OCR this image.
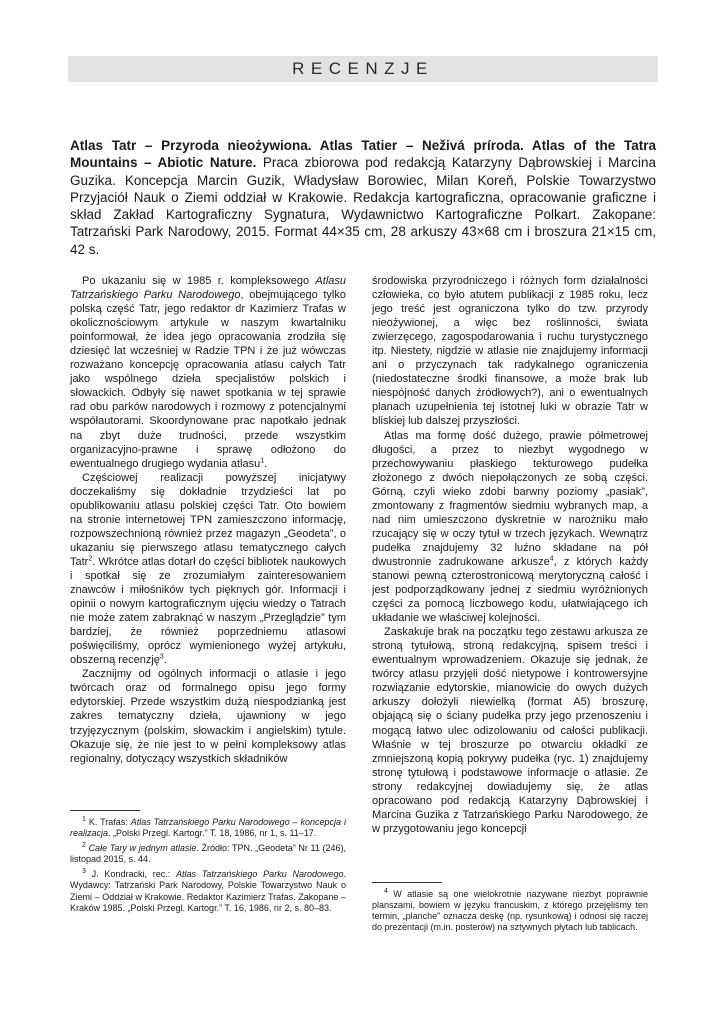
RECENZJE
Atlas Tatr – Przyroda nieożywiona. Atlas Tatier – Neživá príroda. Atlas of the Tatra Mountains – Abiotic Nature. Praca zbiorowa pod redakcją Katarzyny Dąbrowskiej i Marcina Guzika. Koncepcja Marcin Guzik, Władysław Borowiec, Milan Koreň, Polskie Towarzystwo Przyjaciół Nauk o Ziemi oddział w Krakowie. Redakcja kartograficzna, opracowanie graficzne i skład Zakład Kartograficzny Sygnatura, Wydawnictwo Kartograficzne Polkart. Zakopane: Tatrzański Park Narodowy, 2015. Format 44×35 cm, 28 arkuszy 43×68 cm i broszura 21×15 cm, 42 s.

Po ukazaniu się w 1985 r. kompleksowego Atlasu Tatrzańskiego Parku Narodowego, obejmującego tylko polską część Tatr, jego redaktor dr Kazimierz Trafas w okolicznościowym artykule w naszym kwartalniku poinformował, że idea jego opracowania zrodziła się dziesięć lat wcześniej w Radzie TPN i że już wówczas rozważano koncepcję opracowania atlasu całych Tatr jako wspólnego dzieła specjalistów polskich i słowackich. Odbyły się nawet spotkania w tej sprawie rad obu parków narodowych i rozmowy z potencjalnymi współautorami. Skoordynowane prac napotkało jednak na zbyt duże trudności, przede wszystkim organizacyjno-prawne i sprawę odłożono do ewentualnego drugiego wydania atlasu$^1$.

Częściowej realizacji powyższej inicjatywy doczekaliśmy się dokładnie trzydzieści lat po opublikowaniu atlasu polskiej części Tatr. Oto bowiem na stronie internetowej TPN zamieszczono informację, rozpowszechnioną również przez magazyn „Geodeta”, o ukazaniu się pierwszego atlasu tematycznego całych Tatr$^2$. Wkrótce atlas dotarł do części bibliotek naukowych i spotkał się ze zrozumiałym zainteresowaniem znawców i miłośników tych pięknych gór. Informacji i opinii o nowym kartograficznym ujęciu wiedzy o Tatrach nie może zatem zabraknąć w naszym „Przeglądzie” tym bardziej, że również poprzedniemu atlasowi poświęciliśmy, oprócz wymienionego wyżej artykułu, obszerną recenzję$^3$.

Zacznijmy od ogólnych informacji o atlasie i jego twórcach oraz od formalnego opisu jego formy edytorskiej. Przede wszystkim dużą niespodzianką jest zakres tematyczny dzieła, ujawniony w jego trzyjęzycznym (polskim, słowackim i angielskim) tytule. Okazuje się, że nie jest to w pełni kompleksowy atlas regionalny, dotyczący wszystkich składników

środowiska przyrodniczego i różnych form działalności człowieka, co było atutem publikacji z 1985 roku, lecz jego treść jest ograniczona tylko do tzw. przyrody nieożywionej, a więc bez roślinności, świata zwierzęcego, zagospodarowania i ruchu turystycznego itp. Niestety, nigdzie w atlasie nie znajdujemy informacji ani o przyczynach tak radykalnego ograniczenia (niedostateczne środki finansowe, a może brak lub niespójność danych źródłowych?), ani o ewentualnych planach uzupełnienia tej istotnej luki w obrazie Tatr w bliskiej lub dalszej przyszłości.

Atlas ma formę dość dużego, prawie półmetrowej długości, a przez to niezbyt wygodnego w przechowywaniu płaskiego tekturowego pudełka złożonego z dwóch niepołączonych ze sobą części. Górną, czyli wieko zdobi barwny poziomy „pasiak”, zmontowany z fragmentów siedmiu wybranych map, a nad nim umieszczono dyskretnie w narożniku mało rzucający się w oczy tytuł w trzech językach. Wewnątrz pudełka znajdujemy 32 luźno składane na pół dwustronnie zadrukowane arkusze$^4$, z których każdy stanowi pewną czterostronicową merytoryczną całość i jest podporządkowany jednej z siedmiu wyróżnionych części za pomocą liczbowego kodu, ułatwiającego ich układanie we właściwej kolejności.

Zaskakuje brak na początku tego zestawu arkusza ze stroną tytułową, stroną redakcyjną, spisem treści i ewentualnym wprowadzeniem. Okazuje się jednak, że twórcy atlasu przyjęli dość nietypowe i kontrowersyjne rozwiązanie edytorskie, mianowicie do owych dużych arkuszy dołożyli niewielką (format A5) broszurę, objającą się o ściany pudełka przy jego przenoszeniu i mogącą łatwo ulec odizolowaniu od całości publikacji. Właśnie w tej broszurze po otwarciu okładki ze zmniejszoną kopią pokrywy pudełka (ryc. 1) znajdujemy stronę tytułową i podstawowe informacje o atlasie. Ze strony redakcyjnej dowiadujemy się, że atlas opracowano pod redakcją Katarzyny Dąbrowskiej i Marcina Guzika z Tatrzańskiego Parku Narodowego, że w przygotowaniu jego koncepcji

$^1$ K. Trafas: Atlas Tatrzańskiego Parku Narodowego – koncepcja i realizacja. „Polski Przegl. Kartogr.” T. 18, 1986, nr 1, s. 11–17.

$^2$ Całe Tary w jednym atlasie. Źródło: TPN. „Geodeta” Nr 11 (246), listopad 2015, s. 44.

$^3$ J. Kondracki, rec.: Atlas Tatrzańskiego Parku Narodowego. Wydawcy: Tatrzański Park Narodowy, Polskie Towarzystwo Nauk o Ziemi – Oddział w Krakowie. Redaktor Kazimierz Trafas. Zakopane – Kraków 1985. „Polski Przegl. Kartogr.” T. 16, 1986, nr 2, s. 80–83.

$^4$ W atlasie są one wielokrotnie nazywane niezbyt poprawnie planszami, bowiem w języku francuskim, z którego przejęliśmy ten termin, „planche” oznacza deskę (np. rysunkową) i odnosi się raczej do prezentacji (m.in. posterów) na sztywnych płytach lub tablicach.
